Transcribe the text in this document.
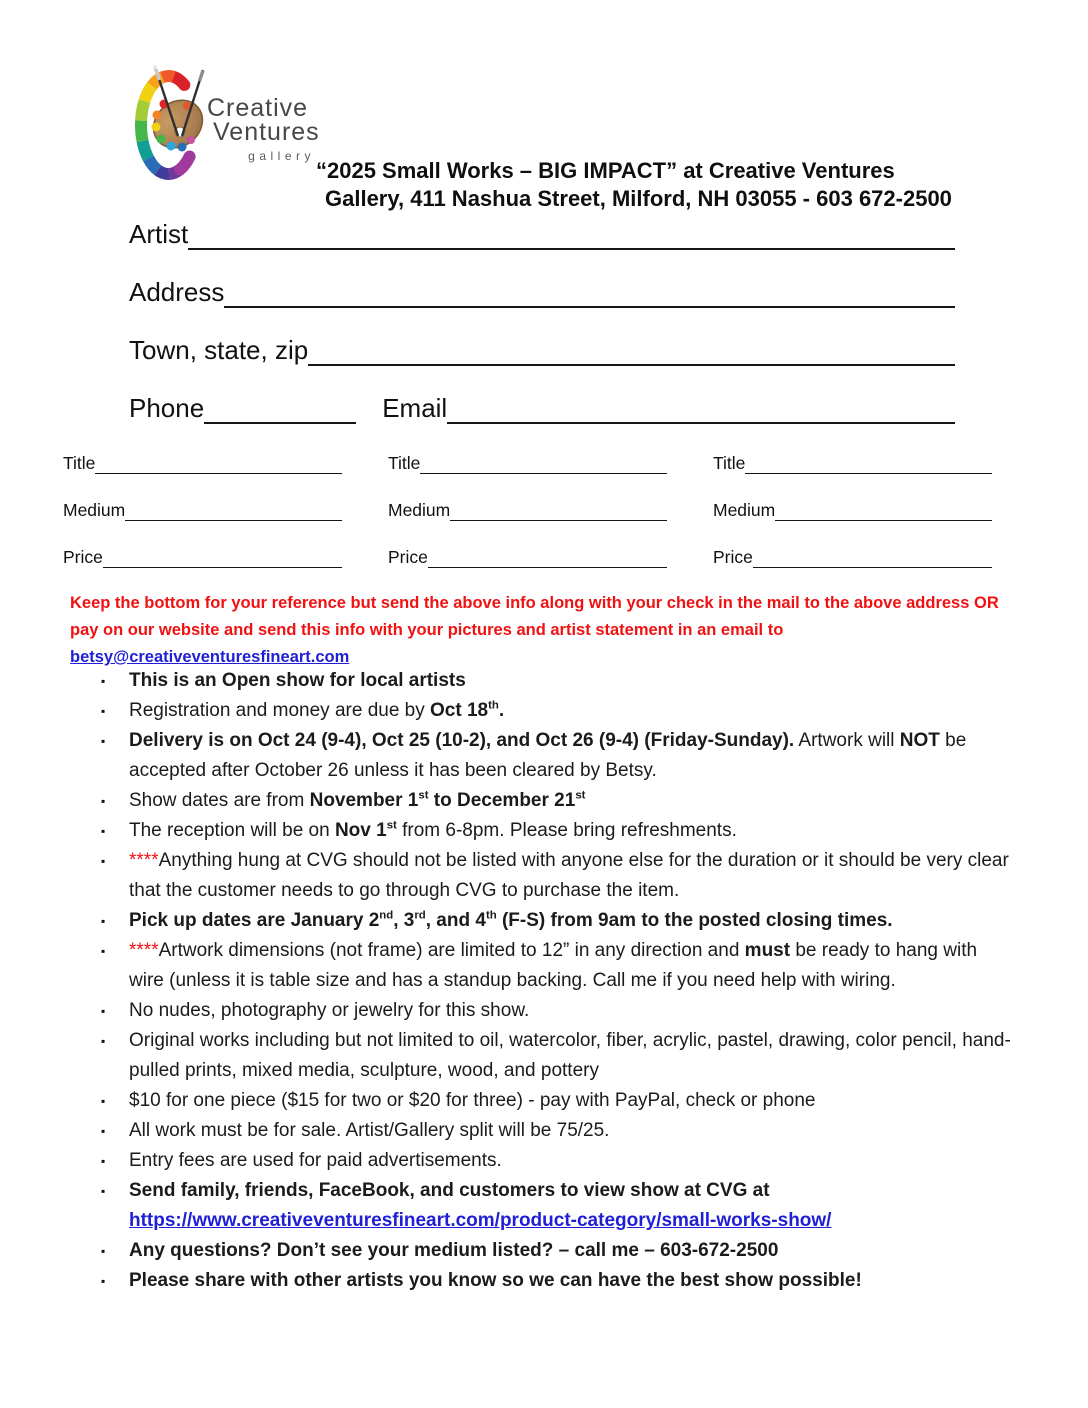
Creative
Ventures
gallery
“2025 Small Works – BIG IMPACT” at Creative Ventures
Gallery, 411 Nashua Street, Milford, NH 03055 - 603 672-2500
Artist
Address
Town, state, zip
Phone	Email
Title
Medium
Price
Title
Medium
Price
Title
Medium
Price
Keep the bottom for your reference but send the above info along with your check in the mail to the above address OR pay on our website and send this info with your pictures and artist statement in an email to betsy@creativeventuresfineart.com
▪ This is an Open show for local artists
▪ Registration and money are due by Oct 18th.
▪ Delivery is on Oct 24 (9-4), Oct 25 (10-2), and Oct 26 (9-4) (Friday-Sunday). Artwork will NOT be accepted after October 26 unless it has been cleared by Betsy.
▪ Show dates are from November 1st to December 21st
▪ The reception will be on Nov 1st from 6-8pm. Please bring refreshments.
▪ ****Anything hung at CVG should not be listed with anyone else for the duration or it should be very clear that the customer needs to go through CVG to purchase the item.
▪ Pick up dates are January 2nd, 3rd, and 4th (F-S) from 9am to the posted closing times.
▪ ****Artwork dimensions (not frame) are limited to 12” in any direction and must be ready to hang with wire (unless it is table size and has a standup backing. Call me if you need help with wiring.
▪ No nudes, photography or jewelry for this show.
▪ Original works including but not limited to oil, watercolor, fiber, acrylic, pastel, drawing, color pencil, hand-pulled prints, mixed media, sculpture, wood, and pottery
▪ $10 for one piece ($15 for two or $20 for three) - pay with PayPal, check or phone
▪ All work must be for sale. Artist/Gallery split will be 75/25.
▪ Entry fees are used for paid advertisements.
▪ Send family, friends, FaceBook, and customers to view show at CVG at https://www.creativeventuresfineart.com/product-category/small-works-show/
▪ Any questions? Don’t see your medium listed? – call me – 603-672-2500
▪ Please share with other artists you know so we can have the best show possible!
